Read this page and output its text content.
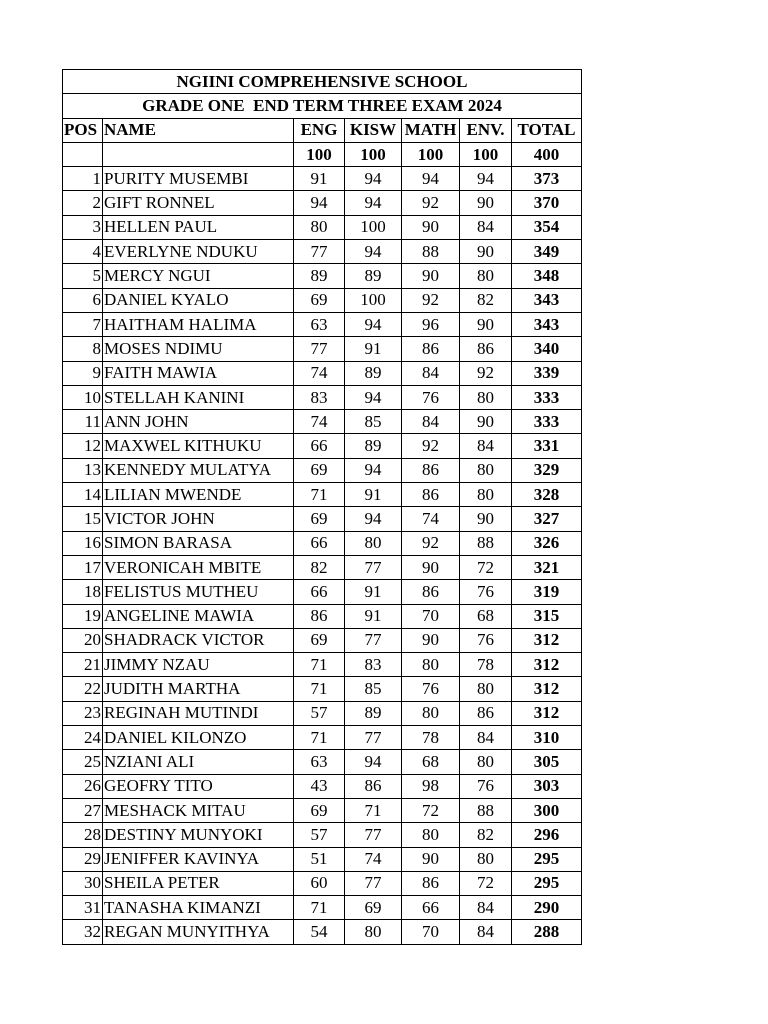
NGIINI COMPREHENSIVE SCHOOL						
GRADE ONE  END TERM THREE EXAM 2024						
POS	NAME	ENG	KISW	MATH	ENV.	TOTAL
		100	100	100	100	400
1	PURITY MUSEMBI	91	94	94	94	373
2	GIFT RONNEL	94	94	92	90	370
3	HELLEN PAUL	80	100	90	84	354
4	EVERLYNE NDUKU	77	94	88	90	349
5	MERCY NGUI	89	89	90	80	348
6	DANIEL KYALO	69	100	92	82	343
7	HAITHAM HALIMA	63	94	96	90	343
8	MOSES NDIMU	77	91	86	86	340
9	FAITH MAWIA	74	89	84	92	339
10	STELLAH KANINI	83	94	76	80	333
11	ANN JOHN	74	85	84	90	333
12	MAXWEL KITHUKU	66	89	92	84	331
13	KENNEDY MULATYA	69	94	86	80	329
14	LILIAN MWENDE	71	91	86	80	328
15	VICTOR JOHN	69	94	74	90	327
16	SIMON BARASA	66	80	92	88	326
17	VERONICAH MBITE	82	77	90	72	321
18	FELISTUS MUTHEU	66	91	86	76	319
19	ANGELINE MAWIA	86	91	70	68	315
20	SHADRACK VICTOR	69	77	90	76	312
21	JIMMY NZAU	71	83	80	78	312
22	JUDITH MARTHA	71	85	76	80	312
23	REGINAH MUTINDI	57	89	80	86	312
24	DANIEL KILONZO	71	77	78	84	310
25	NZIANI ALI	63	94	68	80	305
26	GEOFRY TITO	43	86	98	76	303
27	MESHACK MITAU	69	71	72	88	300
28	DESTINY MUNYOKI	57	77	80	82	296
29	JENIFFER KAVINYA	51	74	90	80	295
30	SHEILA PETER	60	77	86	72	295
31	TANASHA KIMANZI	71	69	66	84	290
32	REGAN MUNYITHYA	54	80	70	84	288
